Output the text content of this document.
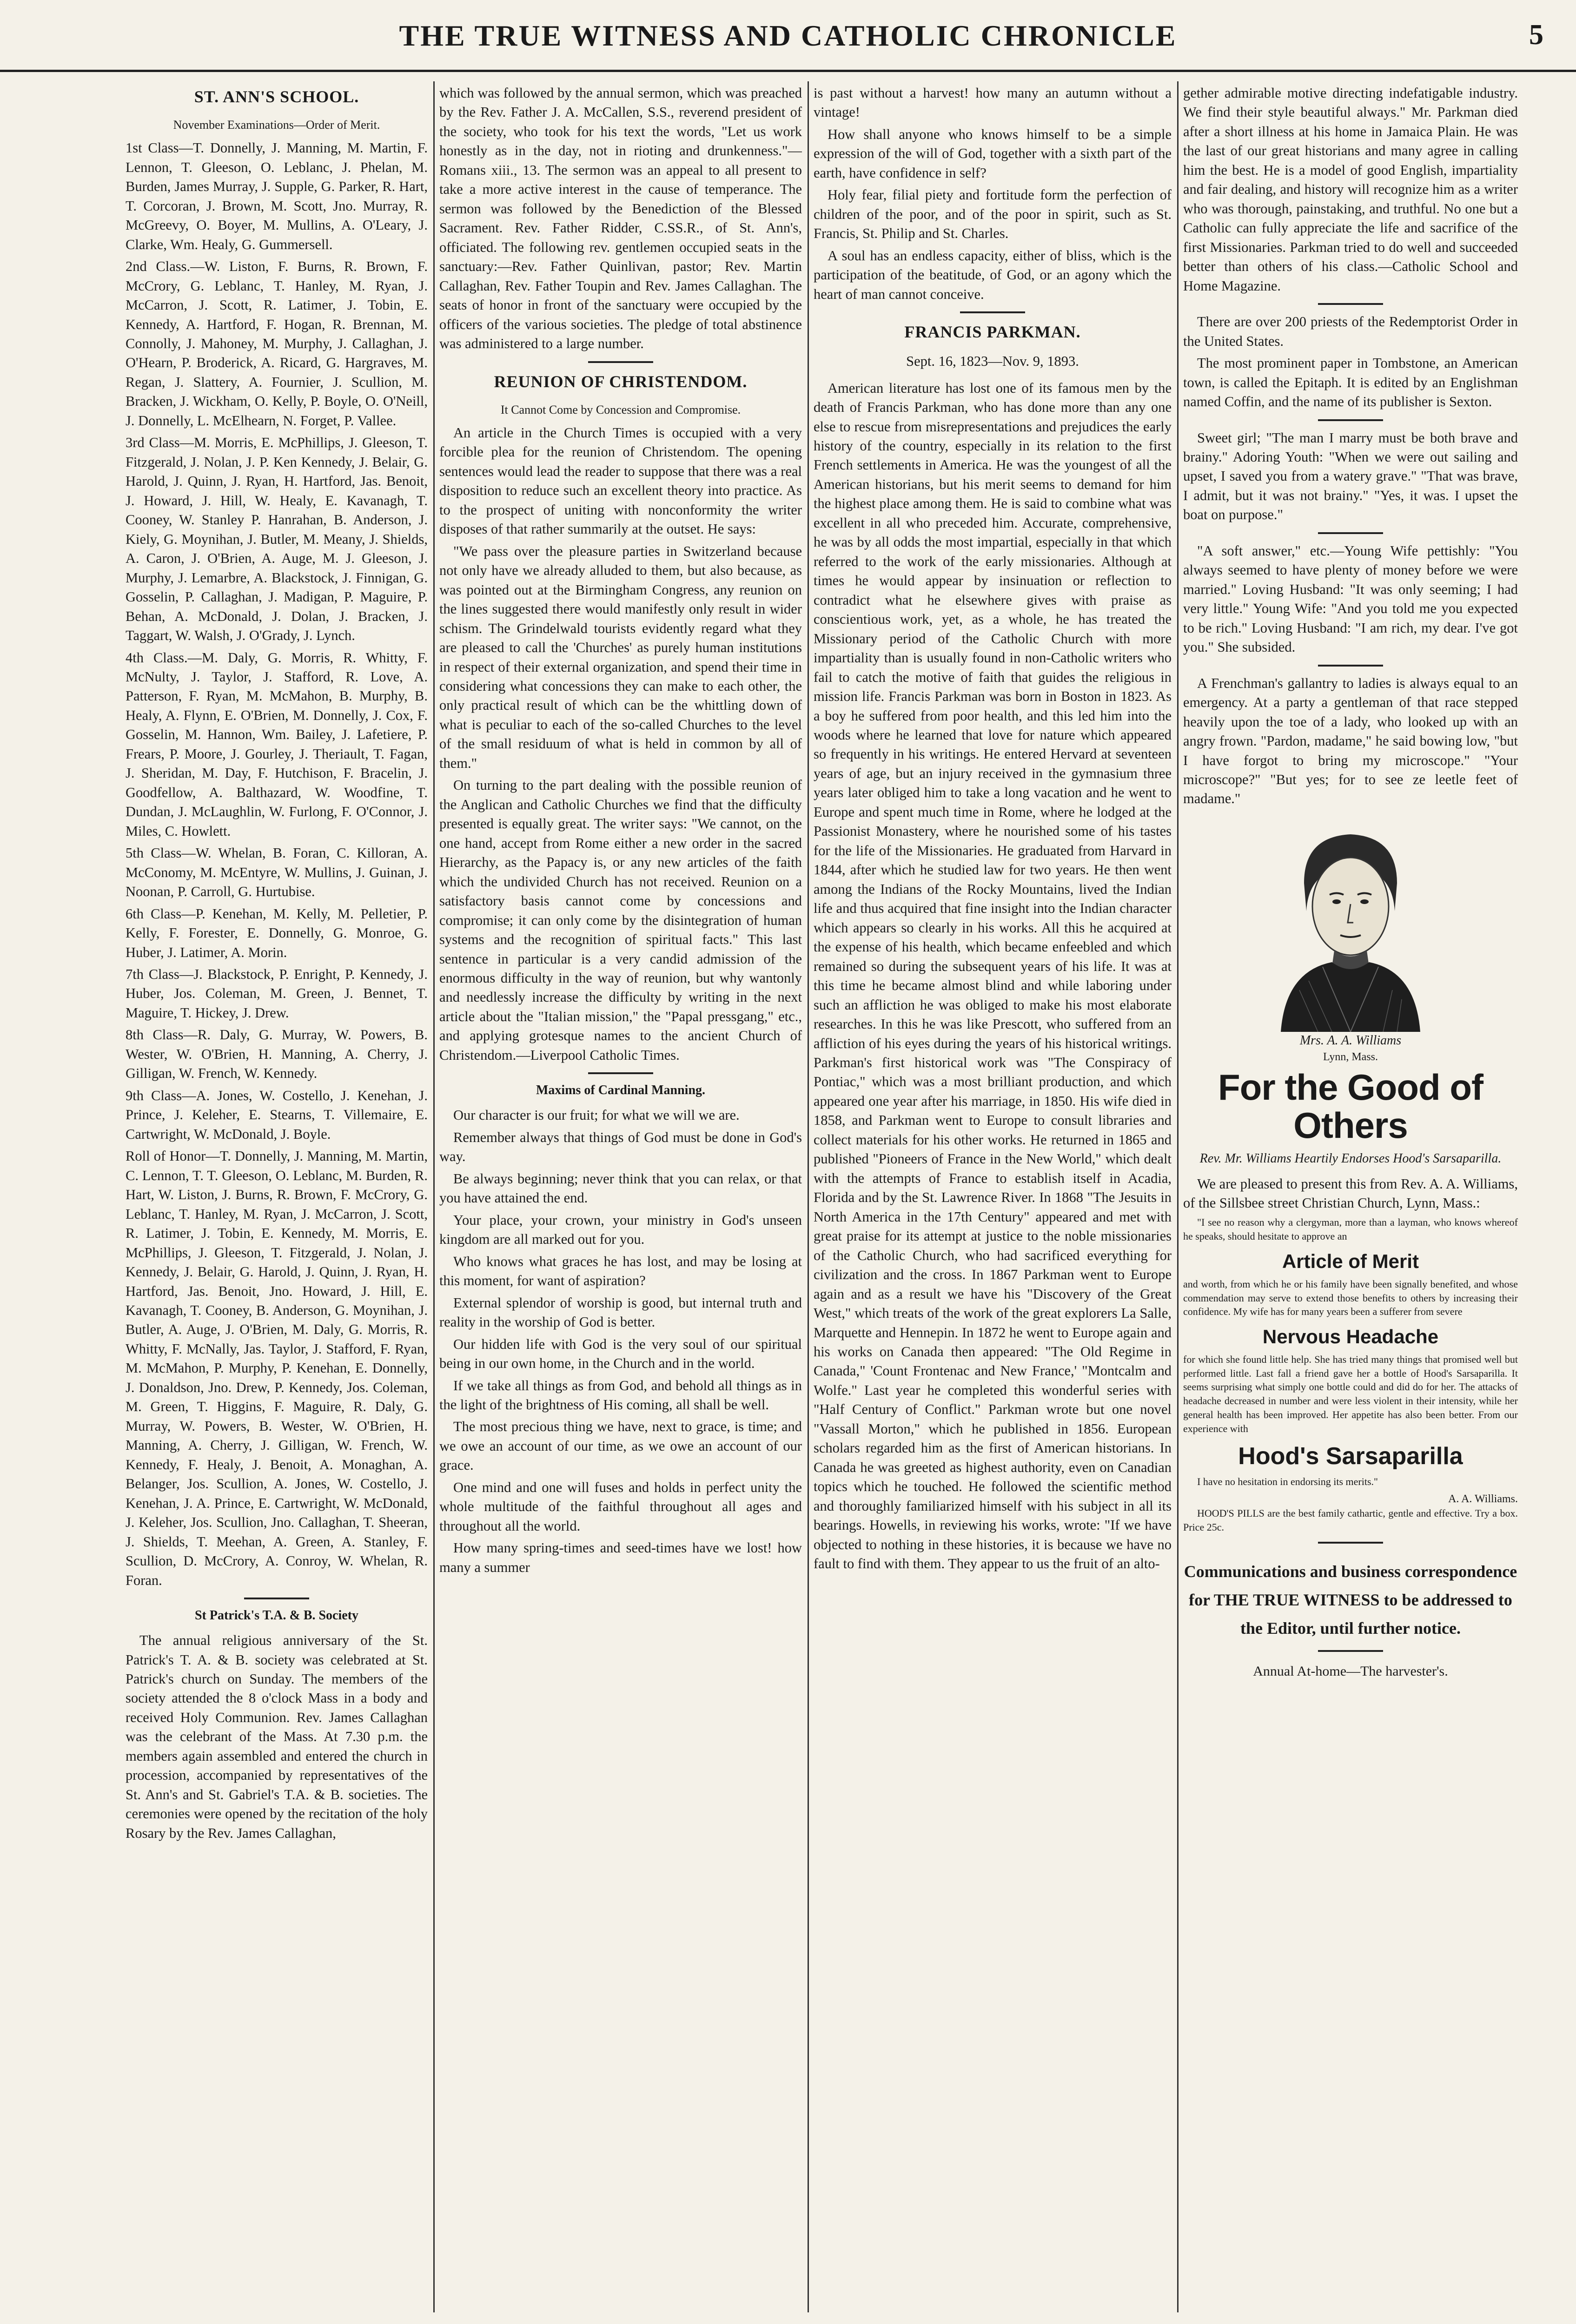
THE TRUE WITNESS AND CATHOLIC CHRONICLE	5
ST. ANN'S SCHOOL.
November Examinations—Order of Merit.

1st Class—T. Donnelly, J. Manning, M. Martin, F. Lennon, T. Gleeson, O. Leblanc, J. Phelan, M. Burden, James Murray, J. Supple, G. Parker, R. Hart, T. Corcoran, J. Brown, M. Scott, Jno. Murray, R. McGreevy, O. Boyer, M. Mullins, A. O'Leary, J. Clarke, Wm. Healy, G. Gummersell.

2nd Class.—W. Liston, F. Burns, R. Brown, F. McCrory, G. Leblanc, T. Hanley, M. Ryan, J. McCarron, J. Scott, R. Latimer, J. Tobin, E. Kennedy, A. Hartford, F. Hogan, R. Brennan, M. Connolly, J. Mahoney, M. Murphy, J. Callaghan, J. O'Hearn, P. Broderick, A. Ricard, G. Hargraves, M. Regan, J. Slattery, A. Fournier, J. Scullion, M. Bracken, J. Wickham, O. Kelly, P. Boyle, O. O'Neill, J. Donnelly, L. McElhearn, N. Forget, P. Vallee.

3rd Class—M. Morris, E. McPhillips, J. Gleeson, T. Fitzgerald, J. Nolan, J. P. Ken Kennedy, J. Belair, G. Harold, J. Quinn, J. Ryan, H. Hartford, Jas. Benoit, J. Howard, J. Hill, W. Healy, E. Kavanagh, T. Cooney, W. Stanley P. Hanrahan, B. Anderson, J. Kiely, G. Moynihan, J. Butler, M. Meany, J. Shields, A. Caron, J. O'Brien, A. Auge, M. J. Gleeson, J. Murphy, J. Lemarbre, A. Blackstock, J. Finnigan, G. Gosselin, P. Callaghan, J. Madigan, P. Maguire, P. Behan, A. McDonald, J. Dolan, J. Bracken, J. Taggart, W. Walsh, J. O'Grady, J. Lynch.

4th Class.—M. Daly, G. Morris, R. Whitty, F. McNulty, J. Taylor, J. Stafford, R. Love, A. Patterson, F. Ryan, M. McMahon, B. Murphy, B. Healy, A. Flynn, E. O'Brien, M. Donnelly, J. Cox, F. Gosselin, M. Hannon, Wm. Bailey, J. Lafetiere, P. Frears, P. Moore, J. Gourley, J. Theriault, T. Fagan, J. Sheridan, M. Day, F. Hutchison, F. Bracelin, J. Goodfellow, A. Balthazard, W. Woodfine, T. Dundan, J. McLaughlin, W. Furlong, F. O'Connor, J. Miles, C. Howlett.

5th Class—W. Whelan, B. Foran, C. Killoran, A. McConomy, M. McEntyre, W. Mullins, J. Guinan, J. Noonan, P. Carroll, G. Hurtubise.

6th Class—P. Kenehan, M. Kelly, M. Pelletier, P. Kelly, F. Forester, E. Donnelly, G. Monroe, G. Huber, J. Latimer, A. Morin.

7th Class—J. Blackstock, P. Enright, P. Kennedy, J. Huber, Jos. Coleman, M. Green, J. Bennet, T. Maguire, T. Hickey, J. Drew.

8th Class—R. Daly, G. Murray, W. Powers, B. Wester, W. O'Brien, H. Manning, A. Cherry, J. Gilligan, W. French, W. Kennedy.

9th Class—A. Jones, W. Costello, J. Kenehan, J. Prince, J. Keleher, E. Stearns, T. Villemaire, E. Cartwright, W. McDonald, J. Boyle.

Roll of Honor—T. Donnelly, J. Manning, M. Martin, C. Lennon, T. T. Gleeson, O. Leblanc, M. Burden, R. Hart, W. Liston, J. Burns, R. Brown, F. McCrory, G. Leblanc, T. Hanley, M. Ryan, J. McCarron, J. Scott, R. Latimer, J. Tobin, E. Kennedy, M. Morris, E. McPhillips, J. Gleeson, T. Fitzgerald, J. Nolan, J. Kennedy, J. Belair, G. Harold, J. Quinn, J. Ryan, H. Hartford, Jas. Benoit, Jno. Howard, J. Hill, E. Kavanagh, T. Cooney, B. Anderson, G. Moynihan, J. Butler, A. Auge, J. O'Brien, M. Daly, G. Morris, R. Whitty, F. McNally, Jas. Taylor, J. Stafford, F. Ryan, M. McMahon, P. Murphy, P. Kenehan, E. Donnelly, J. Donaldson, Jno. Drew, P. Kennedy, Jos. Coleman, M. Green, T. Higgins, F. Maguire, R. Daly, G. Murray, W. Powers, B. Wester, W. O'Brien, H. Manning, A. Cherry, J. Gilligan, W. French, W. Kennedy, F. Healy, J. Benoit, A. Monaghan, A. Belanger, Jos. Scullion, A. Jones, W. Costello, J. Kenehan, J. A. Prince, E. Cartwright, W. McDonald, J. Keleher, Jos. Scullion, Jno. Callaghan, T. Sheeran, J. Shields, T. Meehan, A. Green, A. Stanley, F. Scullion, D. McCrory, A. Conroy, W. Whelan, R. Foran.

St Patrick's T.A. & B. Society

The annual religious anniversary of the St. Patrick's T. A. & B. society was celebrated at St. Patrick's church on Sunday. The members of the society attended the 8 o'clock Mass in a body and received Holy Communion. Rev. James Callaghan was the celebrant of the Mass. At 7.30 p.m. the members again assembled and entered the church in procession, accompanied by representatives of the St. Ann's and St. Gabriel's T.A. & B. societies. The ceremonies were opened by the recitation of the holy Rosary by the Rev. James Callaghan,

which was followed by the annual sermon, which was preached by the Rev. Father J. A. McCallen, S.S., reverend president of the society, who took for his text the words, "Let us work honestly as in the day, not in rioting and drunkenness."—Romans xiii., 13. The sermon was an appeal to all present to take a more active interest in the cause of temperance. The sermon was followed by the Benediction of the Blessed Sacrament. Rev. Father Ridder, C.SS.R., of St. Ann's, officiated. The following rev. gentlemen occupied seats in the sanctuary:—Rev. Father Quinlivan, pastor; Rev. Martin Callaghan, Rev. Father Toupin and Rev. James Callaghan. The seats of honor in front of the sanctuary were occupied by the officers of the various societies. The pledge of total abstinence was administered to a large number.

REUNION OF CHRISTENDOM.
It Cannot Come by Concession and Compromise.

An article in the Church Times is occupied with a very forcible plea for the reunion of Christendom. The opening sentences would lead the reader to suppose that there was a real disposition to reduce such an excellent theory into practice. As to the prospect of uniting with nonconformity the writer disposes of that rather summarily at the outset. He says:

"We pass over the pleasure parties in Switzerland because not only have we already alluded to them, but also because, as was pointed out at the Birmingham Congress, any reunion on the lines suggested there would manifestly only result in wider schism. The Grindelwald tourists evidently regard what they are pleased to call the 'Churches' as purely human institutions in respect of their external organization, and spend their time in considering what concessions they can make to each other, the only practical result of which can be the whittling down of what is peculiar to each of the so-called Churches to the level of the small residuum of what is held in common by all of them."

On turning to the part dealing with the possible reunion of the Anglican and Catholic Churches we find that the difficulty presented is equally great. The writer says: "We cannot, on the one hand, accept from Rome either a new order in the sacred Hierarchy, as the Papacy is, or any new articles of the faith which the undivided Church has not received. Reunion on a satisfactory basis cannot come by concessions and compromise; it can only come by the disintegration of human systems and the recognition of spiritual facts." This last sentence in particular is a very candid admission of the enormous difficulty in the way of reunion, but why wantonly and needlessly increase the difficulty by writing in the next article about the "Italian mission," the "Papal pressgang," etc., and applying grotesque names to the ancient Church of Christendom.—Liverpool Catholic Times.

Maxims of Cardinal Manning.

Our character is our fruit; for what we will we are.

Remember always that things of God must be done in God's way.

Be always beginning; never think that you can relax, or that you have attained the end.

Your place, your crown, your ministry in God's unseen kingdom are all marked out for you.

Who knows what graces he has lost, and may be losing at this moment, for want of aspiration?

External splendor of worship is good, but internal truth and reality in the worship of God is better.

Our hidden life with God is the very soul of our spiritual being in our own home, in the Church and in the world.

If we take all things as from God, and behold all things as in the light of the brightness of His coming, all shall be well.

The most precious thing we have, next to grace, is time; and we owe an account of our time, as we owe an account of our grace.

One mind and one will fuses and holds in perfect unity the whole multitude of the faithful throughout all ages and throughout all the world.

How many spring-times and seed-times have we lost! how many a summer

is past without a harvest! how many an autumn without a vintage!

How shall anyone who knows himself to be a simple expression of the will of God, together with a sixth part of the earth, have confidence in self?

Holy fear, filial piety and fortitude form the perfection of children of the poor, and of the poor in spirit, such as St. Francis, St. Philip and St. Charles.

A soul has an endless capacity, either of bliss, which is the participation of the beatitude, of God, or an agony which the heart of man cannot conceive.

FRANCIS PARKMAN.
Sept. 16, 1823—Nov. 9, 1893.

American literature has lost one of its famous men by the death of Francis Parkman, who has done more than any one else to rescue from misrepresentations and prejudices the early history of the country, especially in its relation to the first French settlements in America. He was the youngest of all the American historians, but his merit seems to demand for him the highest place among them. He is said to combine what was excellent in all who preceded him. Accurate, comprehensive, he was by all odds the most impartial, especially in that which referred to the work of the early missionaries. Although at times he would appear by insinuation or reflection to contradict what he elsewhere gives with praise as conscientious work, yet, as a whole, he has treated the Missionary period of the Catholic Church with more impartiality than is usually found in non-Catholic writers who fail to catch the motive of faith that guides the religious in mission life. Francis Parkman was born in Boston in 1823. As a boy he suffered from poor health, and this led him into the woods where he learned that love for nature which appeared so frequently in his writings. He entered Hervard at seventeen years of age, but an injury received in the gymnasium three years later obliged him to take a long vacation and he went to Europe and spent much time in Rome, where he lodged at the Passionist Monastery, where he nourished some of his tastes for the life of the Missionaries. He graduated from Harvard in 1844, after which he studied law for two years. He then went among the Indians of the Rocky Mountains, lived the Indian life and thus acquired that fine insight into the Indian character which appears so clearly in his works. All this he acquired at the expense of his health, which became enfeebled and which remained so during the subsequent years of his life. It was at this time he became almost blind and while laboring under such an affliction he was obliged to make his most elaborate researches. In this he was like Prescott, who suffered from an affliction of his eyes during the years of his historical writings. Parkman's first historical work was "The Conspiracy of Pontiac," which was a most brilliant production, and which appeared one year after his marriage, in 1850. His wife died in 1858, and Parkman went to Europe to consult libraries and collect materials for his other works. He returned in 1865 and published "Pioneers of France in the New World," which dealt with the attempts of France to establish itself in Acadia, Florida and by the St. Lawrence River. In 1868 "The Jesuits in North America in the 17th Century" appeared and met with great praise for its attempt at justice to the noble missionaries of the Catholic Church, who had sacrificed everything for civilization and the cross. In 1867 Parkman went to Europe again and as a result we have his "Discovery of the Great West," which treats of the work of the great explorers La Salle, Marquette and Hennepin. In 1872 he went to Europe again and his works on Canada then appeared: "The Old Regime in Canada," 'Count Frontenac and New France,' "Montcalm and Wolfe." Last year he completed this wonderful series with "Half Century of Conflict." Parkman wrote but one novel "Vassall Morton," which he published in 1856. European scholars regarded him as the first of American historians. In Canada he was greeted as highest authority, even on Canadian topics which he touched. He followed the scientific method and thoroughly familiarized himself with his subject in all its bearings. Howells, in reviewing his works, wrote: "If we have objected to nothing in these histories, it is because we have no fault to find with them. They appear to us the fruit of an alto-

gether admirable motive directing indefatigable industry. We find their style beautiful always." Mr. Parkman died after a short illness at his home in Jamaica Plain. He was the last of our great historians and many agree in calling him the best. He is a model of good English, impartiality and fair dealing, and history will recognize him as a writer who was thorough, painstaking, and truthful. No one but a Catholic can fully appreciate the life and sacrifice of the first Missionaries. Parkman tried to do well and succeeded better than others of his class.—Catholic School and Home Magazine.

There are over 200 priests of the Redemptorist Order in the United States.

The most prominent paper in Tombstone, an American town, is called the Epitaph. It is edited by an Englishman named Coffin, and the name of its publisher is Sexton.

Sweet girl; "The man I marry must be both brave and brainy." Adoring Youth: "When we were out sailing and upset, I saved you from a watery grave." "That was brave, I admit, but it was not brainy." "Yes, it was. I upset the boat on purpose."

"A soft answer," etc.—Young Wife pettishly: "You always seemed to have plenty of money before we were married." Loving Husband: "It was only seeming; I had very little." Young Wife: "And you told me you expected to be rich." Loving Husband: "I am rich, my dear. I've got you." She subsided.

A Frenchman's gallantry to ladies is always equal to an emergency. At a party a gentleman of that race stepped heavily upon the toe of a lady, who looked up with an angry frown. "Pardon, madame," he said bowing low, "but I have forgot to bring my microscope." "Your microscope?" "But yes; for to see ze leetle feet of madame."

Mrs. A. A. Williams
Lynn, Mass.
For the Good of Others
Rev. Mr. Williams Heartily Endorses Hood's Sarsaparilla.

We are pleased to present this from Rev. A. A. Williams, of the Sillsbee street Christian Church, Lynn, Mass.:

"I see no reason why a clergyman, more than a layman, who knows whereof he speaks, should hesitate to approve an

Article of Merit

and worth, from which he or his family have been signally benefited, and whose commendation may serve to extend those benefits to others by increasing their confidence. My wife has for many years been a sufferer from severe

Nervous Headache

for which she found little help. She has tried many things that promised well but performed little. Last fall a friend gave her a bottle of Hood's Sarsaparilla. It seems surprising what simply one bottle could and did do for her. The attacks of headache decreased in number and were less violent in their intensity, while her general health has been improved. Her appetite has also been better. From our experience with

Hood's Sarsaparilla

I have no hesitation in endorsing its merits."

A. A. Williams.

HOOD'S PILLS are the best family cathartic, gentle and effective. Try a box. Price 25c.

Communications and business correspondence for THE TRUE WITNESS to be addressed to the Editor, until further notice.
Annual At-home—The harvester's.
